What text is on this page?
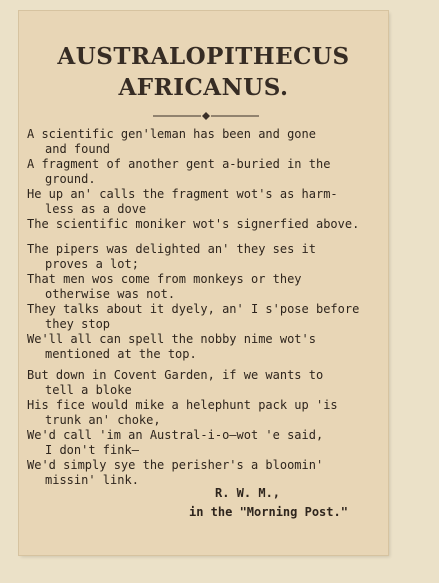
AUSTRALOPITHECUS
AFRICANUS.
A scientific gen'leman has been and gone
and found
A fragment of another gent a-buried in the
ground.
He up an' calls the fragment wot's as harm-
less as a dove
The scientific moniker wot's signerfied above.
The pipers was delighted an' they ses it
proves a lot;
That men wos come from monkeys or they
otherwise was not.
They talks about it dyely, an' I s'pose before
they stop
We'll all can spell the nobby nime wot's
mentioned at the top.
But down in Covent Garden, if we wants to
tell a bloke
His fice would mike a helephunt pack up 'is
trunk an' choke,
We'd call 'im an Austral-i-o—wot 'e said,
I don't fink—
We'd simply sye the perisher's a bloomin'
missin' link.
R. W. M.,
in the "Morning Post."
